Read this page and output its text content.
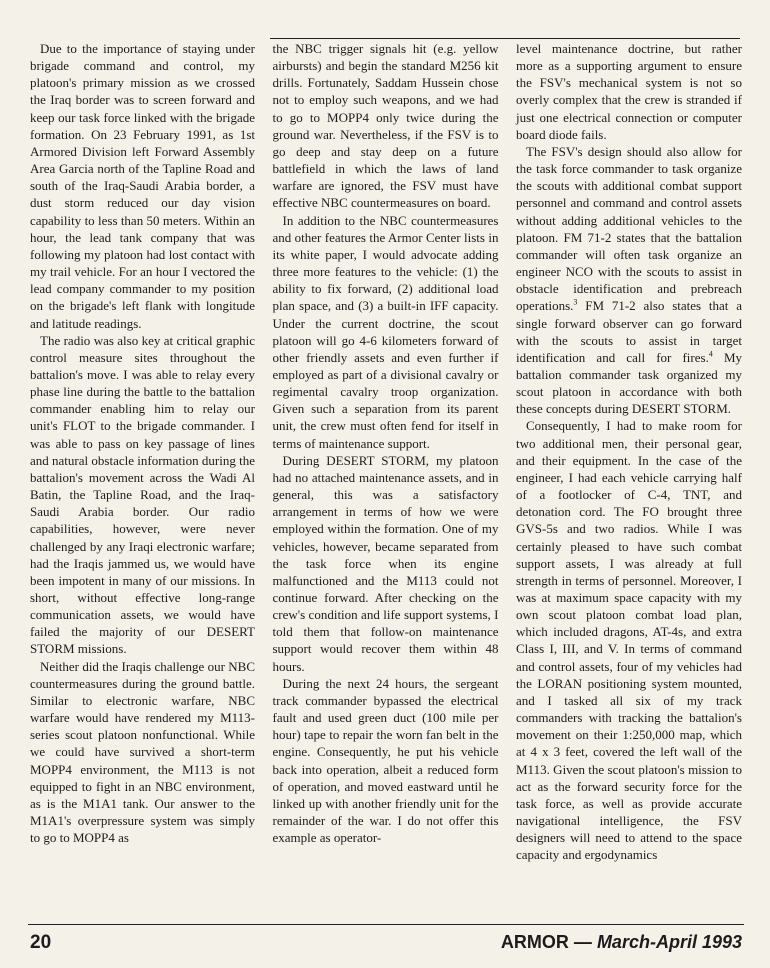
Due to the importance of staying under brigade command and control, my platoon's primary mission as we crossed the Iraq border was to screen forward and keep our task force linked with the brigade formation. On 23 February 1991, as 1st Armored Division left Forward Assembly Area Garcia north of the Tapline Road and south of the Iraq-Saudi Arabia border, a dust storm reduced our day vision capability to less than 50 meters. Within an hour, the lead tank company that was following my platoon had lost contact with my trail vehicle. For an hour I vectored the lead company commander to my position on the brigade's left flank with longitude and latitude readings.

The radio was also key at critical graphic control measure sites throughout the battalion's move. I was able to relay every phase line during the battle to the battalion commander enabling him to relay our unit's FLOT to the brigade commander. I was able to pass on key passage of lines and natural obstacle information during the battalion's movement across the Wadi Al Batin, the Tapline Road, and the Iraq-Saudi Arabia border. Our radio capabilities, however, were never challenged by any Iraqi electronic warfare; had the Iraqis jammed us, we would have been impotent in many of our missions. In short, without effective long-range communication assets, we would have failed the majority of our DESERT STORM missions.

Neither did the Iraqis challenge our NBC countermeasures during the ground battle. Similar to electronic warfare, NBC warfare would have rendered my M113-series scout platoon nonfunctional. While we could have survived a short-term MOPP4 environment, the M113 is not equipped to fight in an NBC environment, as is the M1A1 tank. Our answer to the M1A1's overpressure system was simply to go to MOPP4 as

the NBC trigger signals hit (e.g. yellow airbursts) and begin the standard M256 kit drills. Fortunately, Saddam Hussein chose not to employ such weapons, and we had to go to MOPP4 only twice during the ground war. Nevertheless, if the FSV is to go deep and stay deep on a future battlefield in which the laws of land warfare are ignored, the FSV must have effective NBC countermeasures on board.

In addition to the NBC countermeasures and other features the Armor Center lists in its white paper, I would advocate adding three more features to the vehicle: (1) the ability to fix forward, (2) additional load plan space, and (3) a built-in IFF capacity. Under the current doctrine, the scout platoon will go 4-6 kilometers forward of other friendly assets and even further if employed as part of a divisional cavalry or regimental cavalry troop organization. Given such a separation from its parent unit, the crew must often fend for itself in terms of maintenance support.

During DESERT STORM, my platoon had no attached maintenance assets, and in general, this was a satisfactory arrangement in terms of how we were employed within the formation. One of my vehicles, however, became separated from the task force when its engine malfunctioned and the M113 could not continue forward. After checking on the crew's condition and life support systems, I told them that follow-on maintenance support would recover them within 48 hours.

During the next 24 hours, the sergeant track commander bypassed the electrical fault and used green duct (100 mile per hour) tape to repair the worn fan belt in the engine. Consequently, he put his vehicle back into operation, albeit a reduced form of operation, and moved eastward until he linked up with another friendly unit for the remainder of the war. I do not offer this example as operator-

level maintenance doctrine, but rather more as a supporting argument to ensure the FSV's mechanical system is not so overly complex that the crew is stranded if just one electrical connection or computer board diode fails.

The FSV's design should also allow for the task force commander to task organize the scouts with additional combat support personnel and command and control assets without adding additional vehicles to the platoon. FM 71-2 states that the battalion commander will often task organize an engineer NCO with the scouts to assist in obstacle identification and prebreach operations.$^3$ FM 71-2 also states that a single forward observer can go forward with the scouts to assist in target identification and call for fires.$^4$ My battalion commander task organized my scout platoon in accordance with both these concepts during DESERT STORM.

Consequently, I had to make room for two additional men, their personal gear, and their equipment. In the case of the engineer, I had each vehicle carrying half of a footlocker of C-4, TNT, and detonation cord. The FO brought three GVS-5s and two radios. While I was certainly pleased to have such combat support assets, I was already at full strength in terms of personnel. Moreover, I was at maximum space capacity with my own scout platoon combat load plan, which included dragons, AT-4s, and extra Class I, III, and V. In terms of command and control assets, four of my vehicles had the LORAN positioning system mounted, and I tasked all six of my track commanders with tracking the battalion's movement on their 1:250,000 map, which at 4 x 3 feet, covered the left wall of the M113. Given the scout platoon's mission to act as the forward security force for the task force, as well as provide accurate navigational intelligence, the FSV designers will need to attend to the space capacity and ergodynamics

20	ARMOR — March-April 1993
